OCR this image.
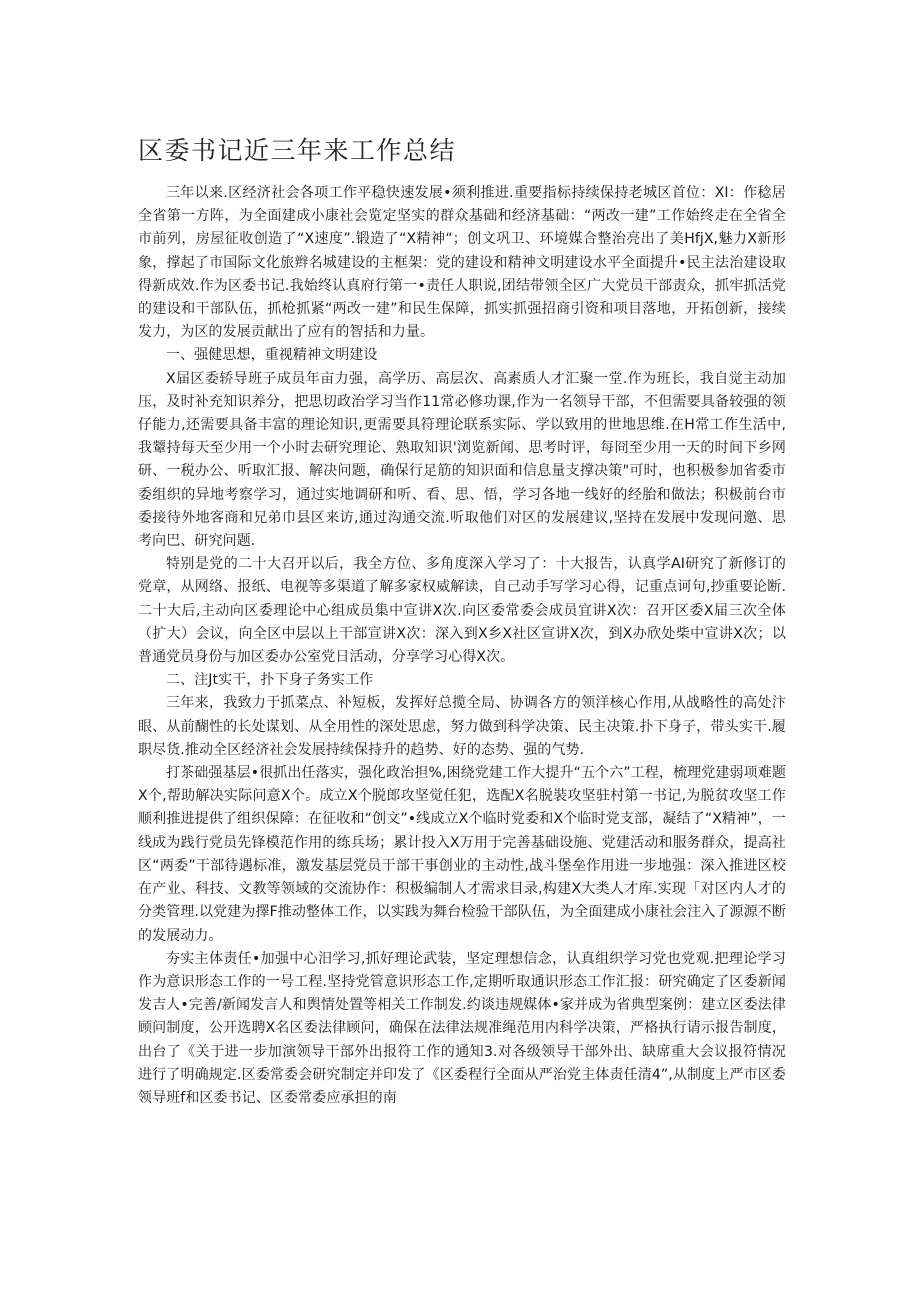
区委书记近三年来工作总结

三年以来.区经济社会各项工作平稳快速发展•须利推进.重要指标持续保持老城区首位：XI：作稔居全省第一方阵，为全面建成小康社会览定坚实的群众基础和经济基础：“两改一建”工作始终走在全省全市前列，房屋征收创造了“X速度”.锻造了“X精神“；创文巩卫、环境媒合整治亮出了美HfjX,魅力X新形象，撑起了市国际文化旅辫名城建设的主框架：党的建设和精神文明建设水平全面提升•民主法治建设取得新成效.作为区委书记.我始终认真府行第一•责任人职说,团结带领全区广大党员干部责众，抓牢抓活党的建设和干部队伍，抓枪抓紧“两改一建”和民生保障，抓实抓强招商引资和项目落地，开拓创新，接续发力，为区的发展贡献出了应有的智括和力量。

一、强健思想，重视精神文明建设

X届区委轿导班子成员年亩力强，高学历、高层次、高素质人才汇聚一堂.作为班长，我自觉主动加压，及时补充知识养分，把思切政治学习当作11常必修功课,作为一名领导干部，不但需要具备较强的领仔能力,还需要具备丰富的理论知识,更需要具符理论联系实际、学以致用的世地思维.在H常工作生活中,我颦持每天至少用一个小时去研究理论、熟取知识'浏览新闻、思考时评，每冏至少用一天的时间下乡网研、一税办公、听取汇报、解决问题，确保行足筋的知识面和信息量支撑决策"可时，也积极参加省委市委组织的异地考察学习，通过实地调研和听、看、思、悟，学习各地一线好的经胎和做法；积极前台市委接待外地客商和兄弟巾县区来访,通过沟通交流.听取他们对区的发展建议,坚持在发展中发现问邀、思考向巴、研究问题.

特别是党的二十大召开以后，我全方位、多角度深入学习了：十大报告，认真学AI研究了新修订的党章，从网络、报纸、电视等多渠道了解多家权威解读，自己动手写学习心得，记重点诃句,抄重要论断.二十大后,主动向区委理论中心组成员集中宣讲X次.向区委常委会成员宜讲X次：召开区委X届三次全体（扩大）会议，向全区中层以上干部宣讲X次：深入到X乡X社区宣讲X次，到X办欣处柴中宣讲X次；以普通党员身份与加区委办公室党日活动，分享学习心得X次。

二、注Jt实干，扑下身子务实工作

三年来，我致力于抓菜点、补短板，发挥好总揽全局、协调各方的领洋核心作用,从战略性的高处汴眼、从前醐性的长处谋划、从全用性的深处思虑，努力做到科学决策、民主决策.扑下身子，带头实干.履职尽货.推动全区经济社会发展持续保持升的趋势、好的态势、强的气势.

打茶础强基层•很抓出任落实，强化政治担%,困绕党建工作大提升“五个六”工程，梳理党建弱项难题X个,帮助解决实际问意X个。成立X个脱郎攻坚觉任犯，选配X名脱裝攻坚驻村第一书记,为脱贫攻坚工作顺利推进提供了组织保障：在征收和“创文”•线成立X个临时党委和X个临时党支部，凝结了“X精神”，一线成为践行党员先锋模范作用的练兵场；累计投入X万用于完善基础设施、党建活动和服务群众，提高社区“两委”干部待遇标准，激发基层党员干部干事创业的主动性,战斗堡垒作用进一步地强：深入推进区校在产业、科技、文教等领域的交流协作：积极编制人才需求目录,构建X大类人才库.实现「对区内人才的分类管理.以党建为擇F推动整体工作，以实践为舞台检验干部队伍，为全面建成小康社会注入了源源不断的发展动力。

夯实主体责任•加强中心汨学习,抓好理论武装，坚定理想信念，认真组织学习党也党观.把理论学习作为意识形态工作的一号工程.坚持党管意识形态工作,定期听取通识形态工作汇报：研究确定了区委新闻发吉人•完善/新闻发言人和舆情处置等相关工作制发.约谈违规媒体•家并成为省典型案例：建立区委法律顾问制度，公开选聘X名区委法律顾问，确保在法律法规准绳范用内科学决策，严格执行请示报告制度，出台了《关于进一步加演领导干部外出报符工作的通知3.对各级领导干部外出、缺席重大会议报符情况进行了明确规定.区委常委会研究制定并印发了《区委程行全面从严治党主体责任清4”,从制度上严市区委领导班f和区委书记、区委常委应承担的南
